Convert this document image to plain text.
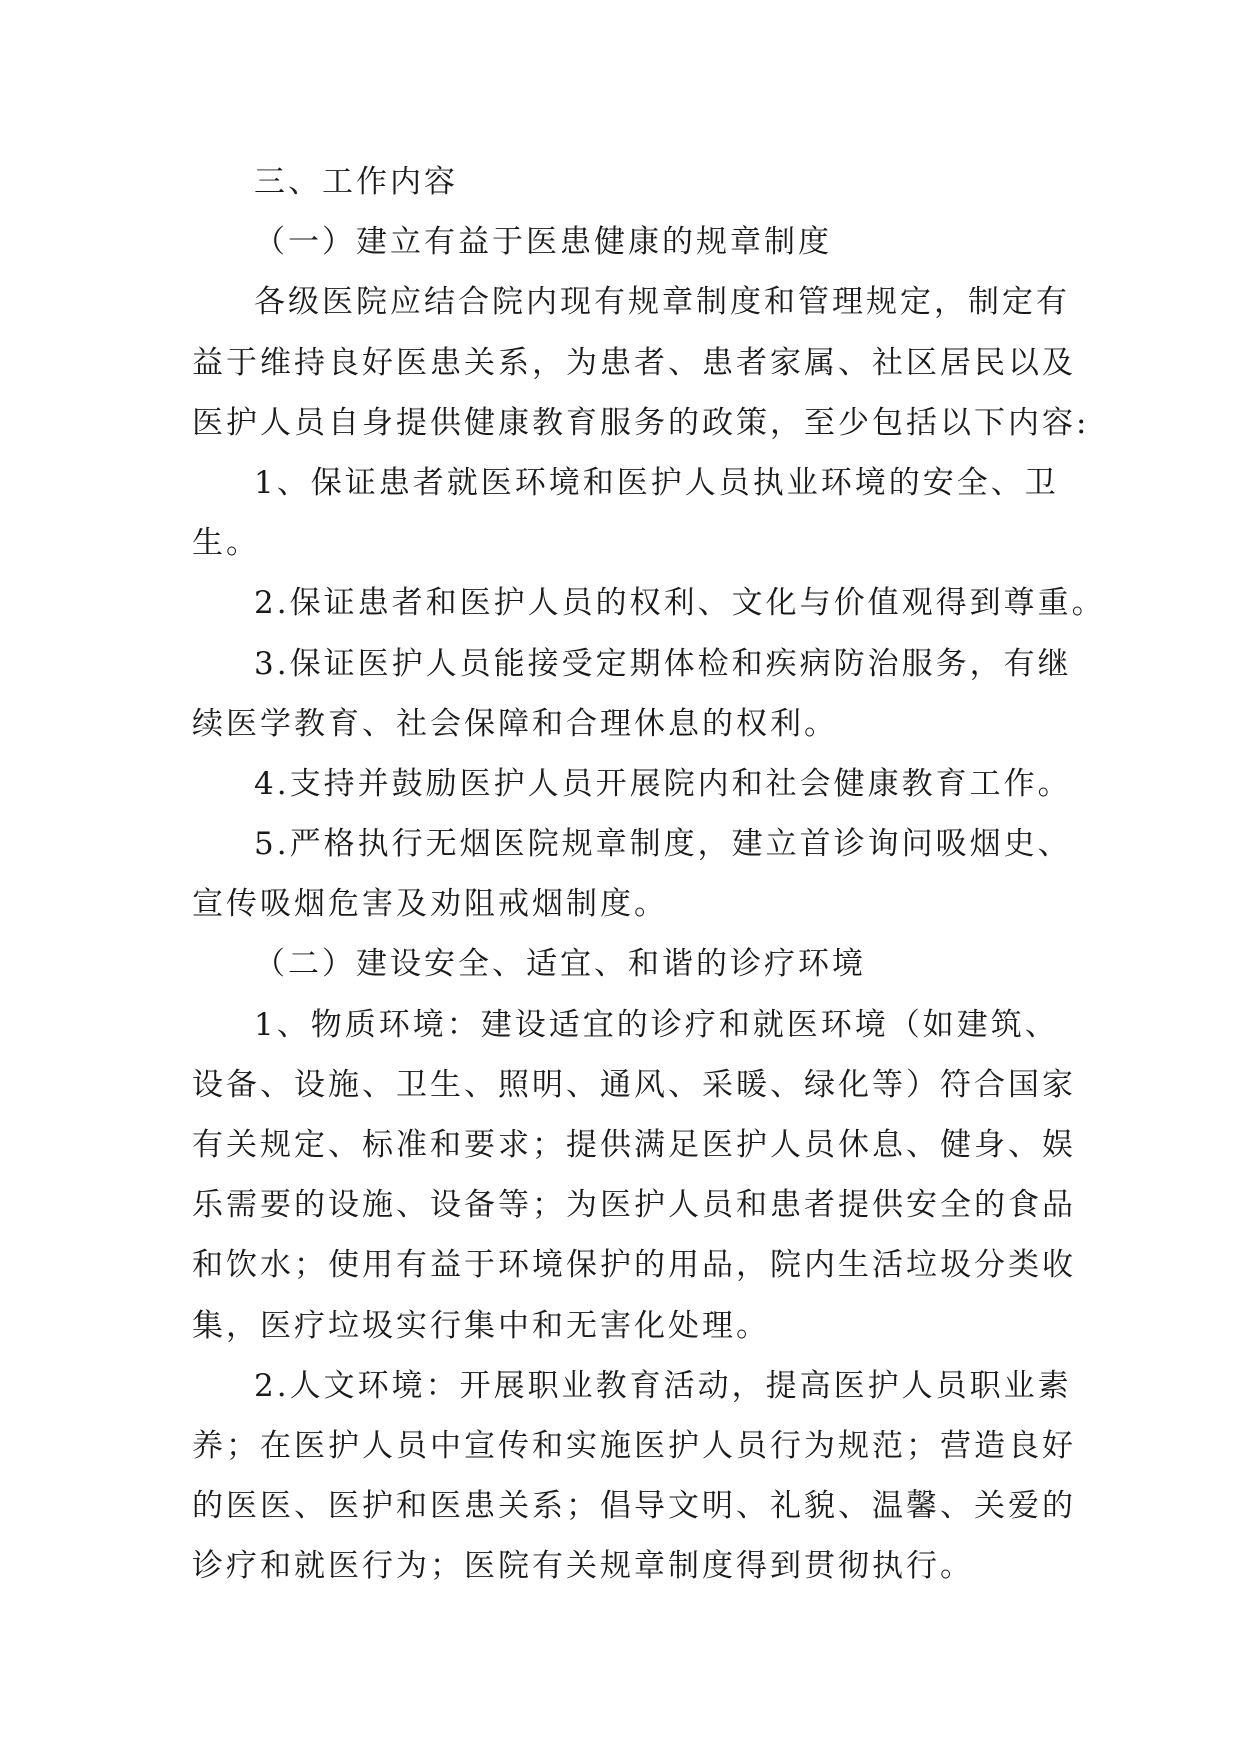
三、工作内容
（一）建立有益于医患健康的规章制度
各级医院应结合院内现有规章制度和管理规定，制定有
益于维持良好医患关系，为患者、患者家属、社区居民以及
医护人员自身提供健康教育服务的政策，至少包括以下内容:
1、保证患者就医环境和医护人员执业环境的安全、卫
生。
2.保证患者和医护人员的权利、文化与价值观得到尊重。
3.保证医护人员能接受定期体检和疾病防治服务，有继
续医学教育、社会保障和合理休息的权利。
4.支持并鼓励医护人员开展院内和社会健康教育工作。
5.严格执行无烟医院规章制度，建立首诊询问吸烟史、
宣传吸烟危害及劝阻戒烟制度。
（二）建设安全、适宜、和谐的诊疗环境
1、物质环境：建设适宜的诊疗和就医环境（如建筑、
设备、设施、卫生、照明、通风、采暖、绿化等）符合国家
有关规定、标准和要求；提供满足医护人员休息、健身、娱
乐需要的设施、设备等；为医护人员和患者提供安全的食品
和饮水；使用有益于环境保护的用品，院内生活垃圾分类收
集，医疗垃圾实行集中和无害化处理。
2.人文环境：开展职业教育活动，提高医护人员职业素
养；在医护人员中宣传和实施医护人员行为规范；营造良好
的医医、医护和医患关系；倡导文明、礼貌、温馨、关爱的
诊疗和就医行为；医院有关规章制度得到贯彻执行。
